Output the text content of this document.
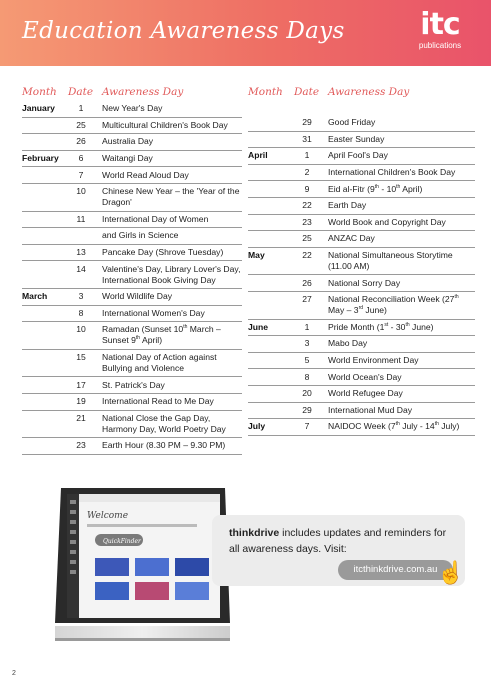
Education Awareness Days	itc
publications
Month	Date Awareness Day
January	1	New Year's Day
25	Multicultural Children's Book Day
26	Australia Day
February	6	Waitangi Day
7	World Read Aloud Day
10	Chinese New Year – the 'Year of the Dragon'
11	International Day of Women
and Girls in Science
13	Pancake Day (Shrove Tuesday)
14	Valentine's Day, Library Lover's Day, International Book Giving Day
March	3	World Wildlife Day
8	International Women's Day
10	Ramadan (Sunset 10th March – Sunset 9th April)
15	National Day of Action against Bullying and Violence
17	St. Patrick's Day
19	International Read to Me Day
21	National Close the Gap Day, Harmony Day, World Poetry Day
23	Earth Hour (8.30 PM – 9.30 PM)
Month	Date Awareness Day
29	Good Friday
31	Easter Sunday
April	1	April Fool's Day
2	International Children's Book Day
9	Eid al-Fitr (9th - 10th April)
22	Earth Day
23	World Book and Copyright Day
25	ANZAC Day
May	22	National Simultaneous Storytime (11.00 AM)
26	National Sorry Day
27	National Reconciliation Week (27th May – 3rd June)
June	1	Pride Month (1st - 30th June)
3	Mabo Day
5	World Environment Day
8	World Ocean's Day
20	World Refugee Day
29	International Mud Day
July	7	NAIDOC Week (7th July - 14th July)
Welcome
QuickFinder
thinkdrive includes updates and reminders for all awareness days. Visit:
itcthinkdrive.com.au ☝
2
